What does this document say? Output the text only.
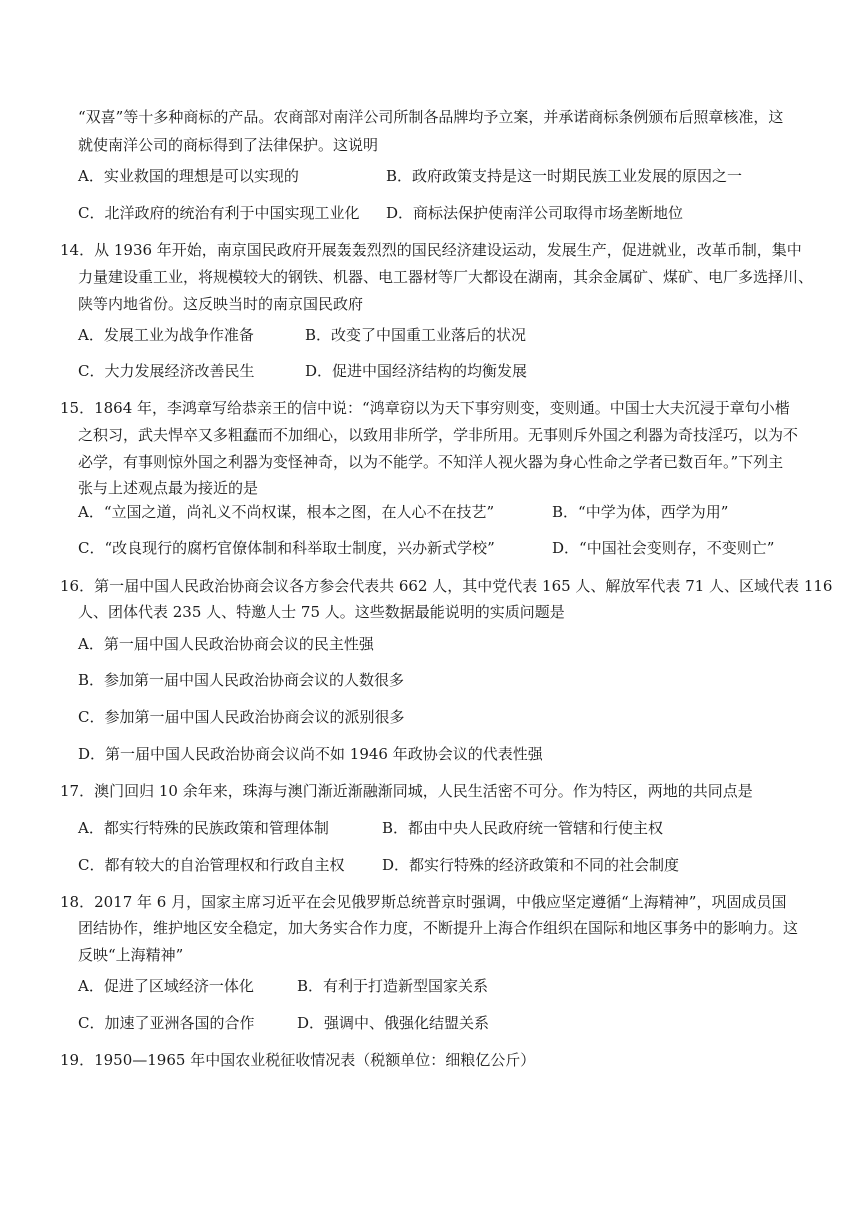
“双喜”等十多种商标的产品。农商部对南洋公司所制各品牌均予立案，并承诺商标条例颁布后照章核准，这
就使南洋公司的商标得到了法律保护。这说明
A．实业救国的理想是可以实现的	B．政府政策支持是这一时期民族工业发展的原因之一
C．北洋政府的统治有利于中国实现工业化 D．商标法保护使南洋公司取得市场垄断地位
14．从 1936 年开始，南京国民政府开展轰轰烈烈的国民经济建设运动，发展生产，促进就业，改革币制，集中
力量建设重工业，将规模较大的钢铁、机器、电工器材等厂大都设在湖南，其余金属矿、煤矿、电厂多选择川、
陕等内地省份。这反映当时的南京国民政府
A．发展工业为战争作准备	B．改变了中国重工业落后的状况
C．大力发展经济改善民生	D．促进中国经济结构的均衡发展
15．1864 年，李鸿章写给恭亲王的信中说：“鸿章窃以为天下事穷则变，变则通。中国士大夫沉浸于章句小楷
之积习，武夫悍卒又多粗蠢而不加细心，以致用非所学，学非所用。无事则斥外国之利器为奇技淫巧，以为不
必学，有事则惊外国之利器为变怪神奇，以为不能学。不知洋人视火器为身心性命之学者已数百年。”下列主
张与上述观点最为接近的是
A．“立国之道，尚礼义不尚权谋，根本之图，在人心不在技艺”	B．“中学为体，西学为用”
C．“改良现行的腐朽官僚体制和科举取士制度，兴办新式学校”	D．“中国社会变则存，不变则亡”
16．第一届中国人民政治协商会议各方参会代表共 662 人，其中党代表 165 人、解放军代表 71 人、区域代表 116
人、团体代表 235 人、特邀人士 75 人。这些数据最能说明的实质问题是
A．第一届中国人民政治协商会议的民主性强
B．参加第一届中国人民政治协商会议的人数很多
C．参加第一届中国人民政治协商会议的派别很多
D．第一届中国人民政治协商会议尚不如 1946 年政协会议的代表性强
17．澳门回归 10 余年来，珠海与澳门渐近渐融渐同城，人民生活密不可分。作为特区，两地的共同点是
A．都实行特殊的民族政策和管理体制	B．都由中央人民政府统一管辖和行使主权
C．都有较大的自治管理权和行政自主权	D．都实行特殊的经济政策和不同的社会制度
18．2017 年 6 月，国家主席习近平在会见俄罗斯总统普京时强调，中俄应坚定遵循“上海精神”，巩固成员国
团结协作，维护地区安全稳定，加大务实合作力度，不断提升上海合作组织在国际和地区事务中的影响力。这
反映“上海精神”
A．促进了区域经济一体化	B．有利于打造新型国家关系
C．加速了亚洲各国的合作	D．强调中、俄强化结盟关系
19．1950—1965 年中国农业税征收情况表（税额单位：细粮亿公斤）
